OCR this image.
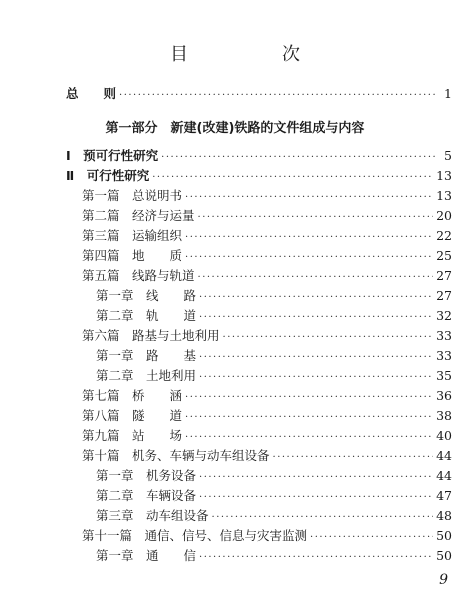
目　次
总　　则 ·····	1
第一部分　新建(改建)铁路的文件组成与内容
Ⅰ　预可行性研究 ·····	5
Ⅱ　可行性研究 ·····	13
第一篇　总说明书 ·····	13
第二篇　经济与运量 ·····	20
第三篇　运输组织 ·····	22
第四篇　地　　质 ·····	25
第五篇　线路与轨道 ·····	27
第一章　线　　路 ·····	27
第二章　轨　　道 ·····	32
第六篇　路基与土地利用 ·····	33
第一章　路　　基 ·····	33
第二章　土地利用 ·····	35
第七篇　桥　　涵 ·····	36
第八篇　隧　　道 ·····	38
第九篇　站　　场 ·····	40
第十篇　机务、车辆与动车组设备 ·····	44
第一章　机务设备 ·····	44
第二章　车辆设备 ·····	47
第三章　动车组设备 ·····	48
第十一篇　通信、信号、信息与灾害监测 ·····	50
第一章　通　　信 ·····	50
9
